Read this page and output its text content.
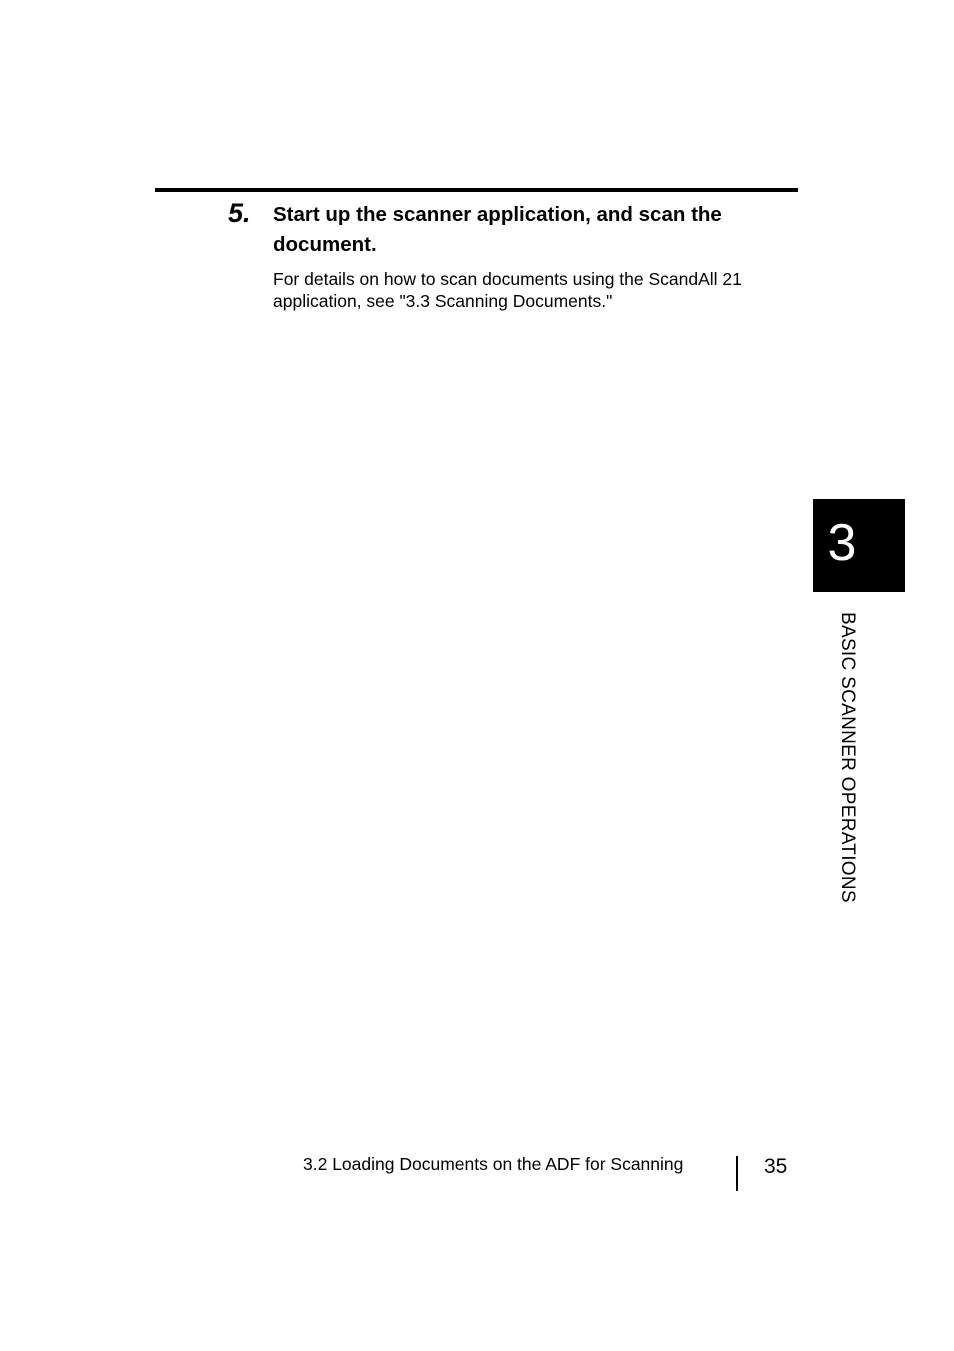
5. Start up the scanner application, and scan the document.
For details on how to scan documents using the ScandAll 21 application, see "3.3 Scanning Documents."
3
BASIC SCANNER OPERATIONS
3.2 Loading Documents on the ADF for Scanning	35
